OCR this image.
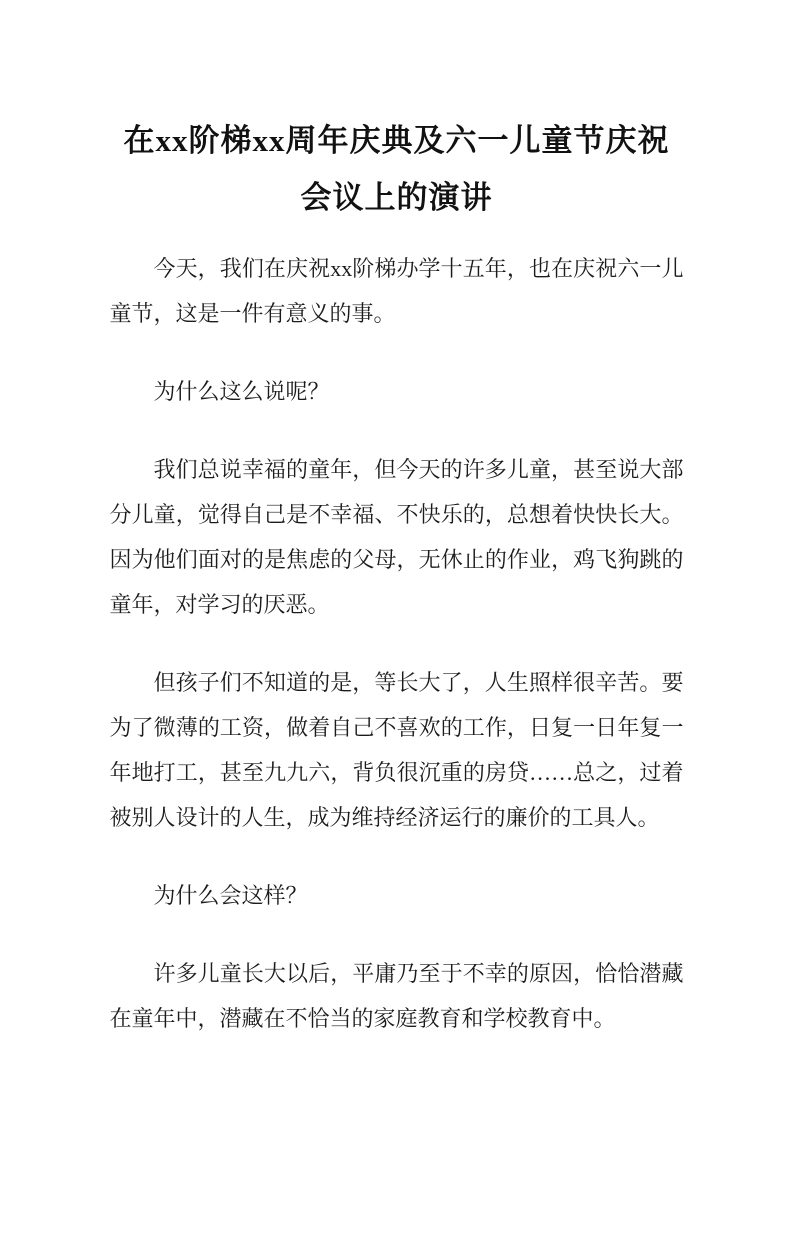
在xx阶梯xx周年庆典及六一儿童节庆祝会议上的演讲

今天，我们在庆祝xx阶梯办学十五年，也在庆祝六一儿童节，这是一件有意义的事。

为什么这么说呢？

我们总说幸福的童年，但今天的许多儿童，甚至说大部分儿童，觉得自己是不幸福、不快乐的，总想着快快长大。因为他们面对的是焦虑的父母，无休止的作业，鸡飞狗跳的童年，对学习的厌恶。

但孩子们不知道的是，等长大了，人生照样很辛苦。要为了微薄的工资，做着自己不喜欢的工作，日复一日年复一年地打工，甚至九九六，背负很沉重的房贷……总之，过着被别人设计的人生，成为维持经济运行的廉价的工具人。

为什么会这样？

许多儿童长大以后，平庸乃至于不幸的原因，恰恰潜藏在童年中，潜藏在不恰当的家庭教育和学校教育中。
